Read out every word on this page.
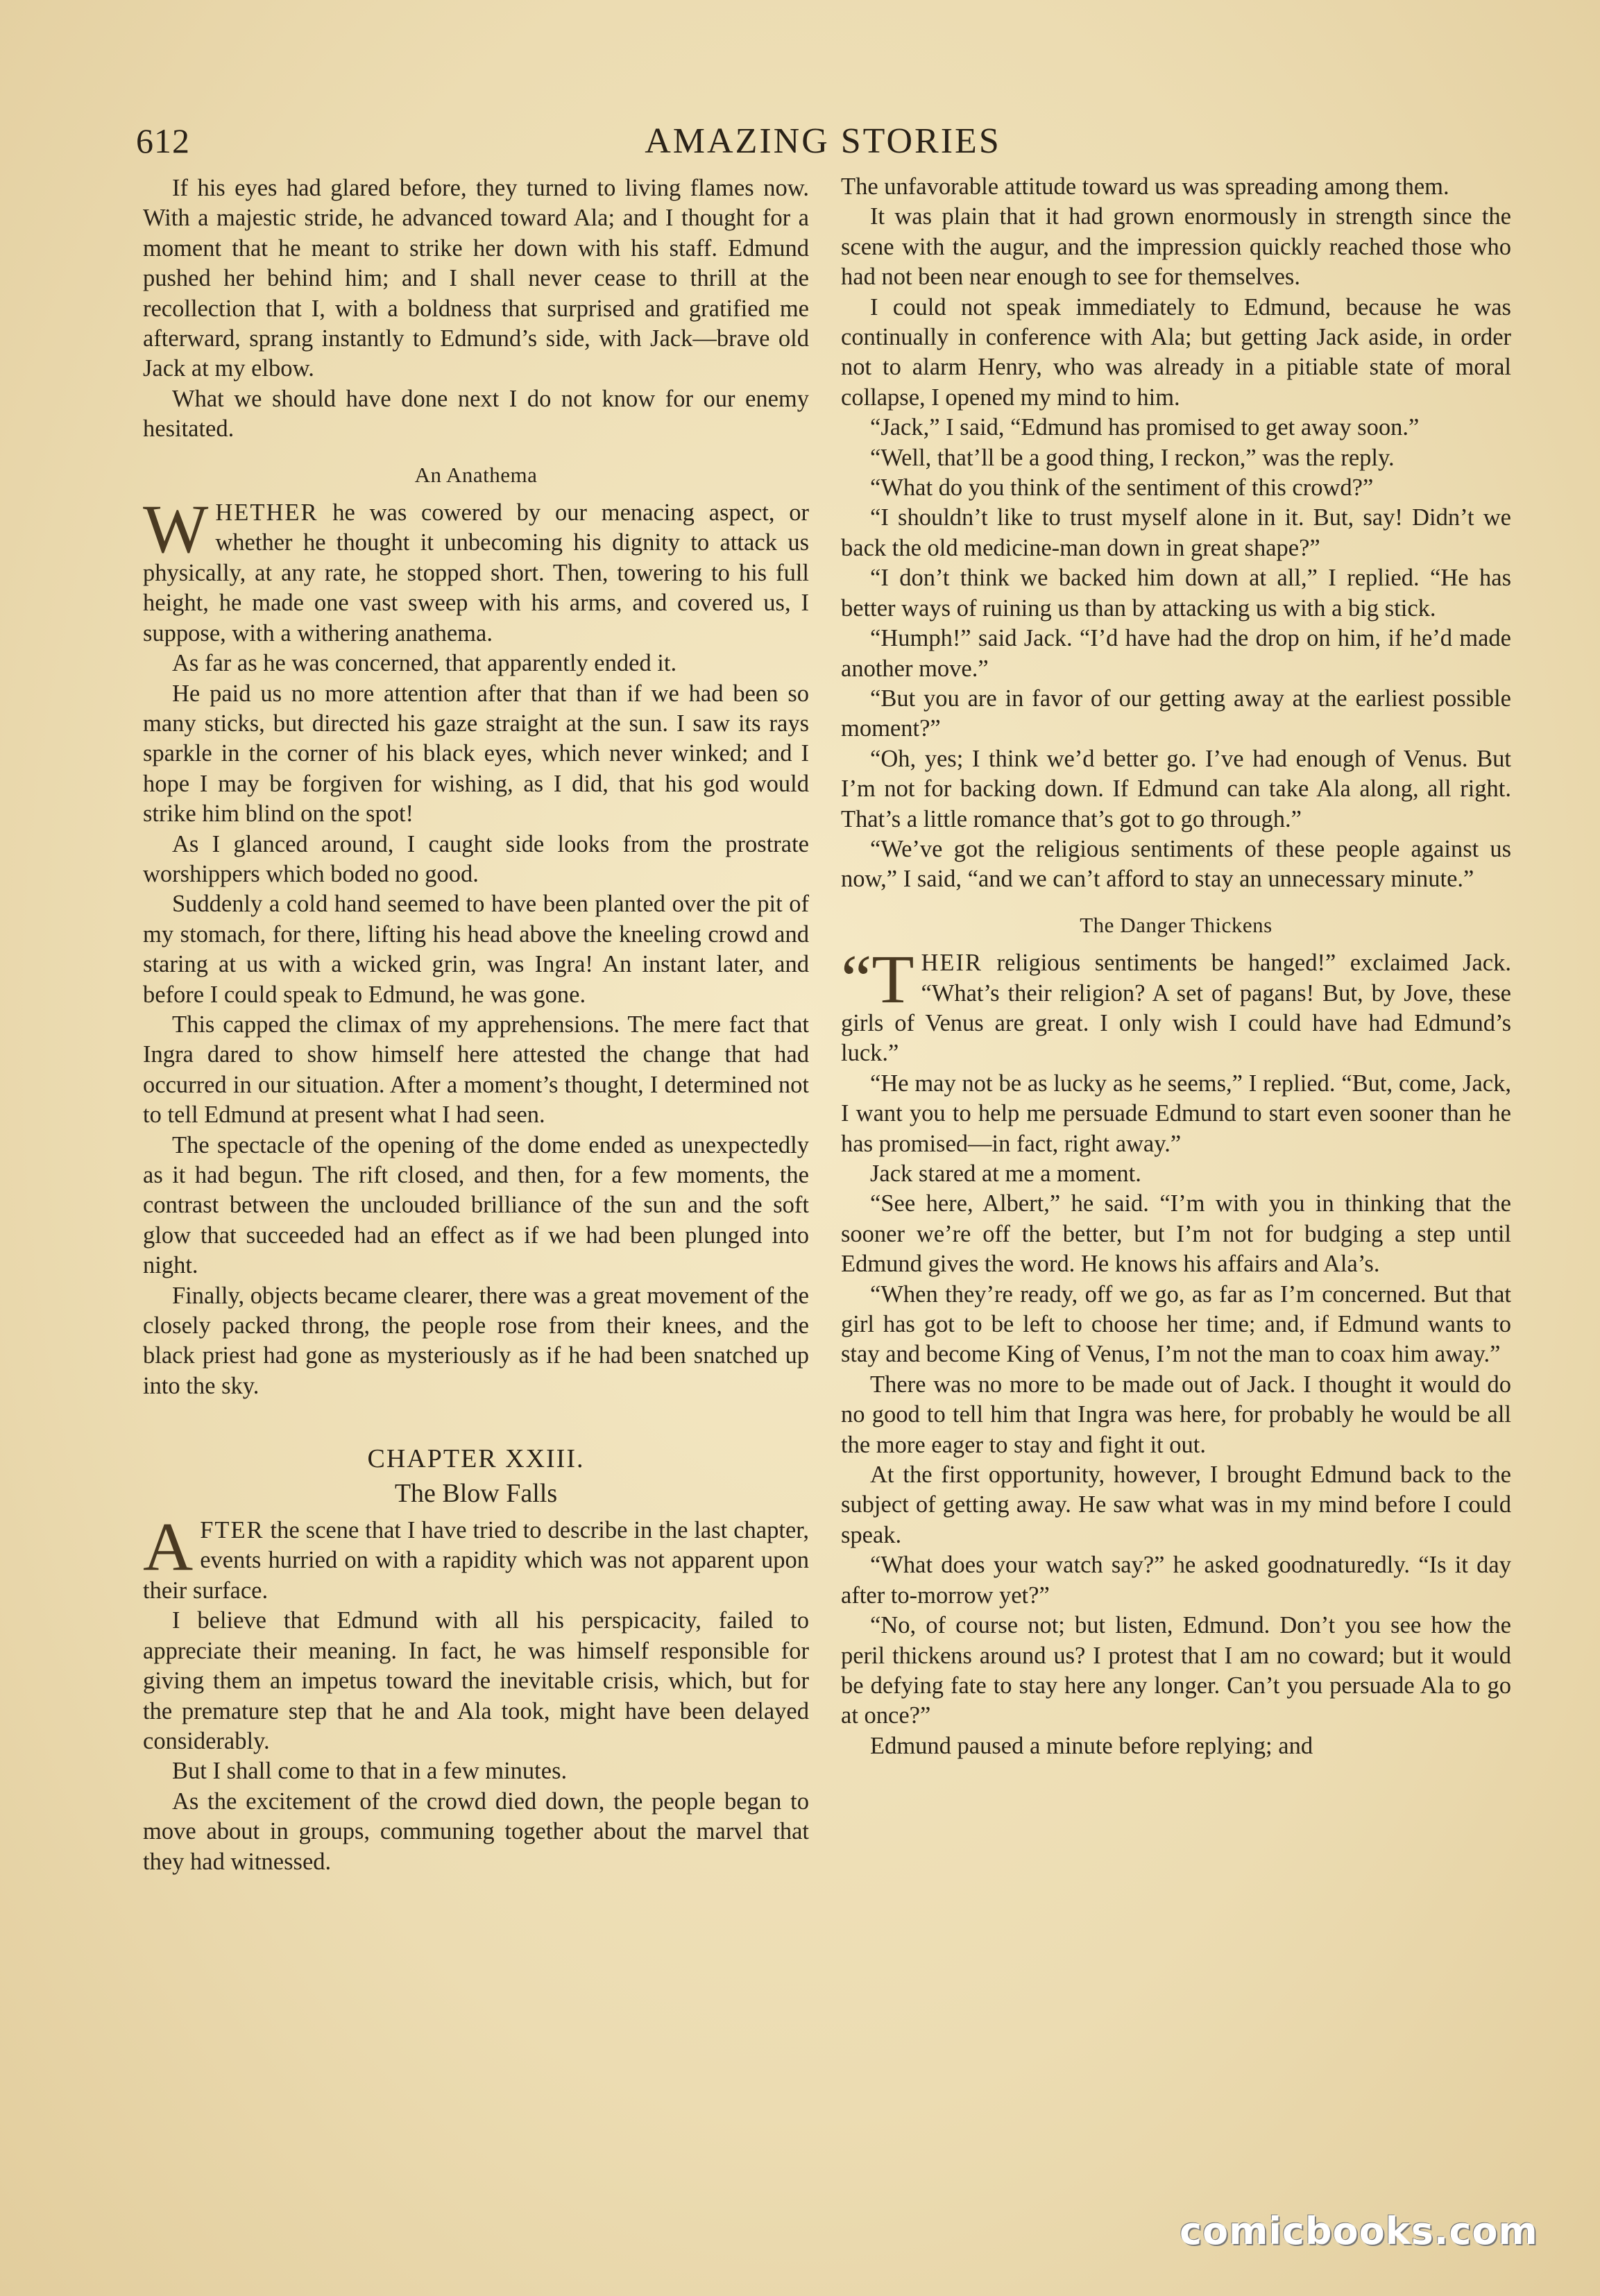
612	AMAZING STORIES

If his eyes had glared before, they turned to living flames now. With a majestic stride, he advanced toward Ala; and I thought for a moment that he meant to strike her down with his staff. Edmund pushed her behind him; and I shall never cease to thrill at the recollection that I, with a boldness that surprised and gratified me afterward, sprang instantly to Edmund’s side, with Jack—brave old Jack at my elbow.

What we should have done next I do not know for our enemy hesitated.

An Anathema

WHETHER he was cowered by our menacing aspect, or whether he thought it unbecoming his dignity to attack us physically, at any rate, he stopped short. Then, towering to his full height, he made one vast sweep with his arms, and covered us, I suppose, with a withering anathema.

As far as he was concerned, that apparently ended it.

He paid us no more attention after that than if we had been so many sticks, but directed his gaze straight at the sun. I saw its rays sparkle in the corner of his black eyes, which never winked; and I hope I may be forgiven for wishing, as I did, that his god would strike him blind on the spot!

As I glanced around, I caught side looks from the prostrate worshippers which boded no good.

Suddenly a cold hand seemed to have been planted over the pit of my stomach, for there, lifting his head above the kneeling crowd and staring at us with a wicked grin, was Ingra! An instant later, and before I could speak to Edmund, he was gone.

This capped the climax of my apprehensions. The mere fact that Ingra dared to show himself here attested the change that had occurred in our situation. After a moment’s thought, I determined not to tell Edmund at present what I had seen.

The spectacle of the opening of the dome ended as unexpectedly as it had begun. The rift closed, and then, for a few moments, the contrast between the unclouded brilliance of the sun and the soft glow that succeeded had an effect as if we had been plunged into night.

Finally, objects became clearer, there was a great movement of the closely packed throng, the people rose from their knees, and the black priest had gone as mysteriously as if he had been snatched up into the sky.

CHAPTER XXIII.
The Blow Falls

AFTER the scene that I have tried to describe in the last chapter, events hurried on with a rapidity which was not apparent upon their surface.

I believe that Edmund with all his perspicacity, failed to appreciate their meaning. In fact, he was himself responsible for giving them an impetus toward the inevitable crisis, which, but for the premature step that he and Ala took, might have been delayed considerably.

But I shall come to that in a few minutes.

As the excitement of the crowd died down, the people began to move about in groups, communing together about the marvel that they had witnessed.

The unfavorable attitude toward us was spreading among them.

It was plain that it had grown enormously in strength since the scene with the augur, and the impression quickly reached those who had not been near enough to see for themselves.

I could not speak immediately to Edmund, because he was continually in conference with Ala; but getting Jack aside, in order not to alarm Henry, who was already in a pitiable state of moral collapse, I opened my mind to him.

“Jack,” I said, “Edmund has promised to get away soon.”

“Well, that’ll be a good thing, I reckon,” was the reply.

“What do you think of the sentiment of this crowd?”

“I shouldn’t like to trust myself alone in it. But, say! Didn’t we back the old medicine-man down in great shape?”

“I don’t think we backed him down at all,” I replied. “He has better ways of ruining us than by attacking us with a big stick.

“Humph!” said Jack. “I’d have had the drop on him, if he’d made another move.”

“But you are in favor of our getting away at the earliest possible moment?”

“Oh, yes; I think we’d better go. I’ve had enough of Venus. But I’m not for backing down. If Edmund can take Ala along, all right. That’s a little romance that’s got to go through.”

“We’ve got the religious sentiments of these people against us now,” I said, “and we can’t afford to stay an unnecessary minute.”

The Danger Thickens

“THEIR religious sentiments be hanged!” exclaimed Jack. “What’s their religion? A set of pagans! But, by Jove, these girls of Venus are great. I only wish I could have had Edmund’s luck.”

“He may not be as lucky as he seems,” I replied. “But, come, Jack, I want you to help me persuade Edmund to start even sooner than he has promised—in fact, right away.”

Jack stared at me a moment.

“See here, Albert,” he said. “I’m with you in thinking that the sooner we’re off the better, but I’m not for budging a step until Edmund gives the word. He knows his affairs and Ala’s.

“When they’re ready, off we go, as far as I’m concerned. But that girl has got to be left to choose her time; and, if Edmund wants to stay and become King of Venus, I’m not the man to coax him away.”

There was no more to be made out of Jack. I thought it would do no good to tell him that Ingra was here, for probably he would be all the more eager to stay and fight it out.

At the first opportunity, however, I brought Edmund back to the subject of getting away. He saw what was in my mind before I could speak.

“What does your watch say?” he asked goodnaturedly. “Is it day after to-morrow yet?”

“No, of course not; but listen, Edmund. Don’t you see how the peril thickens around us? I protest that I am no coward; but it would be defying fate to stay here any longer. Can’t you persuade Ala to go at once?”

Edmund paused a minute before replying; and

comicbooks.com
